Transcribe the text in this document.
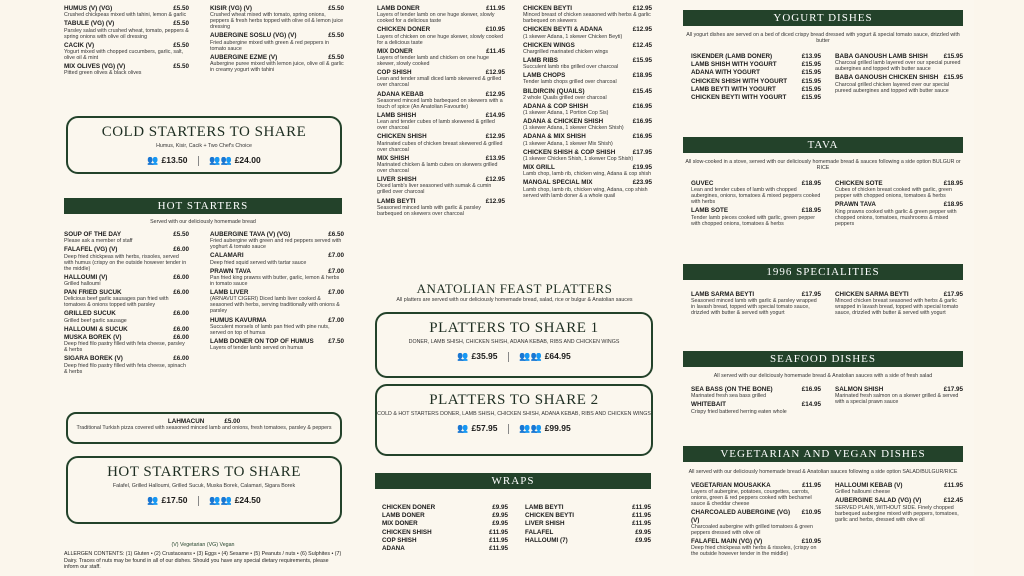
HUMUS (V) (VG)	£5.50
Crushed chickpeas mixed with tahini, lemon & garlic
TABULE (VG) (V)	£5.50
Parsley salad with crushed wheat, tomato, peppers & spring onions with olive oil dressing
CACIK (V)	£5.50
Yogurt mixed with chopped cucumbers, garlic, salt, olive oil & mint
MIX OLIVES (VG) (V)	£5.50
Pitted green olives & black olives
KISIR (VG) (V)	£5.50
Crushed wheat mixed with tomato, spring onions, peppers & fresh herbs topped with olive oil & lemon juice dressing
AUBERGINE SOSLU (VG) (V)	£5.50
Fried aubergine mixed with green & red peppers in tomato sauce
AUBERGINE EZME (V)	£5.50
Aubergine puree mixed with lemon juice, olive oil & garlic in creamy yogurt with tahini
COLD STARTERS TO SHARE
Humus, Kisir, Cacik + Two Chef's Choice
👥 £13.50 👥👥 £24.00
HOT STARTERS
Served with our deliciously homemade bread
SOUP OF THE DAY	£5.50
Please ask a member of staff
FALAFEL (VG) (V)	£6.00
Deep fried chickpeas with herbs, rissoles, served with humus (crispy on the outside however tender in the middle)
HALLOUMI (V)	£6.00
Grilled halloumi
PAN FRIED SUCUK	£6.00
Delicious beef garlic sausages pan fried with tomatoes & onions topped with parsley
GRILLED SUCUK	£6.00
Grilled beef garlic sausage
HALLOUMI & SUCUK	£6.00
MUSKA BOREK (V)	£6.00
Deep fried filo pastry filled with feta cheese, parsley & herbs
SIGARA BOREK (V)	£6.00
Deep fried filo pastry filled with feta cheese, spinach & herbs
AUBERGINE TAVA (V) (VG)	£6.50
Fried aubergine with green and red peppers served with yoghurt & tomato sauce
CALAMARI	£7.00
Deep fried squid served with tartar sauce
PRAWN TAVA	£7.00
Pan fried king prawns with butter, garlic, lemon & herbs in tomato sauce
LAMB LIVER	£7.00
(ARNAVUT CIGERI) Diced lamb liver cooked & seasoned with herbs, serving traditionally with onions & parsley
HUMUS KAVURMA	£7.00
Succulent morsels of lamb pan fried with pine nuts, served on top of humus
LAMB DONER ON TOP OF HUMUS £7.50
Layers of tender lamb served on humus
LAHMACUN	£5.00
Traditional Turkish pizza covered with seasoned minced lamb and onions, fresh tomatoes, parsley & peppers
HOT STARTERS TO SHARE
Falafel, Grilled Halloumi, Grilled Sucuk, Muska Borek, Calamari, Sigara Borek
👥 £17.50 👥👥 £24.50
(V) Vegetarian (VG) Vegan
ALLERGEN CONTENTS: (1) Gluten • (2) Crustaceans • (3) Eggs • (4) Sesame • (5) Peanuts / nuts • (6) Sulphites • (7) Dairy. Traces of nuts may be found in all of our dishes. Should you have any special dietary requirements, please inform our staff.
LAMB DONER	£11.95
Layers of tender lamb on one huge skewer, slowly cooked for a delicious taste
CHICKEN DONER	£10.95
Layers of chicken on one huge skewer, slowly cooked for a delicious taste
MIX DONER	£11.45
Layers of tender lamb and chicken on one huge skewer, slowly cooked
COP SHISH	£12.95
Lean and tender small diced lamb skewered & grilled over charcoal
ADANA KEBAB	£12.95
Seasoned minced lamb barbequed on skewers with a touch of spice (An Anatolian Favourite)
LAMB SHISH	£14.95
Lean and tender cubes of lamb skewered & grilled over charcoal
CHICKEN SHISH	£12.95
Marinated cubes of chicken breast skewered & grilled over charcoal
MIX SHISH	£13.95
Marinated chicken & lamb cubes on skewers grilled over charcoal
LIVER SHISH	£12.95
Diced lamb's liver seasoned with sumak & cumin grilled over charcoal
LAMB BEYTI	£12.95
Seasoned minced lamb with garlic & parsley barbequed on skewers over charcoal
CHICKEN BEYTI	£12.95
Minced breast of chicken seasoned with herbs & garlic barbequed on skewers
CHICKEN BEYTI & ADANA	£12.95
(1 skewer Adana, 1 skewer Chicken Beyti)
CHICKEN WINGS	£12.45
Chargrilled marinated chicken wings
LAMB RIBS	£15.95
Succulent lamb ribs grilled over charcoal
LAMB CHOPS	£18.95
Tender lamb chops grilled over charcoal
BILDIRCIN (QUAILS)	£15.45
2 whole Quails grilled over charcoal
ADANA & COP SHISH	£16.95
(1 skewer Adana, 1 Portion Cop Sis)
ADANA & CHICKEN SHISH	£16.95
(1 skewer Adana, 1 skewer Chicken Shish)
ADANA & MIX SHISH	£16.95
(1 skewer Adana, 1 skewer Mix Shish)
CHICKEN SHISH & COP SHISH	£17.95
(1 skewer Chicken Shish, 1 skewer Cop Shish)
MIX GRILL	£19.95
Lamb chop, lamb rib, chicken wing, Adana & cop shish
MANGAL SPECIAL MIX	£23.95
Lamb chop, lamb rib, chicken wing, Adana, cop shish served with lamb doner & a whole quail
ANATOLIAN FEAST PLATTERS
All platters are served with our deliciously homemade bread, salad, rice or bulgur & Anatolian sauces
PLATTERS TO SHARE 1
DONER, LAMB SHISH, CHICKEN SHISH, ADANA KEBAB, RIBS AND CHICKEN WINGS
👥 £35.95 👥👥 £64.95
PLATTERS TO SHARE 2
COLD & HOT STARTERS DONER, LAMB SHISH, CHICKEN SHISH, ADANA KEBAB, RIBS AND CHICKEN WINGS
👥 £57.95 👥👥 £99.95
WRAPS
CHICKEN DONER	£9.95
LAMB DONER	£9.95
MIX DONER	£9.95
CHICKEN SHISH	£11.95
COP SHISH	£11.95
ADANA	£11.95
LAMB BEYTI	£11.95
CHICKEN BEYTI	£11.95
LIVER SHISH	£11.95
FALAFEL	£9.95
HALLOUMI (7)	£9.95
YOGURT DISHES
All yogurt dishes are served on a bed of diced crispy bread dressed with yogurt & special tomato sauce, drizzled with butter
ISKENDER (LAMB DONER)	£13.95
LAMB SHISH WITH YOGURT	£15.95
ADANA WITH YOGURT	£15.95
CHICKEN SHISH WITH YOGURT £15.95
LAMB BEYTI WITH YOGURT	£15.95
CHICKEN BEYTI WITH YOGURT £15.95
BABA GANOUSH LAMB SHISH	£15.95
Charcoal grilled lamb layered over our special pureed aubergines and topped with butter sauce
BABA GANOUSH CHICKEN SHISH £15.95
Charcoal grilled chicken layered over our special pureed aubergines and topped with butter sauce
TAVA
All slow-cooked in a stove, served with our deliciously homemade bread & sauces following a side option BULGUR or RICE
GUVEC	£18.95
Lean and tender cubes of lamb with chopped aubergines, onions, tomatoes & mixed peppers cooked with herbs
LAMB SOTE	£18.95
Tender lamb pieces cooked with garlic, green pepper with chopped onions, tomatoes & herbs
CHICKEN SOTE	£18.95
Cubes of chicken breast cooked with garlic, green pepper with chopped onions, tomatoes & herbs
PRAWN TAVA	£18.95
King prawns cooked with garlic & green pepper with chopped onions, tomatoes, mushrooms & mixed peppers
1996 SPECIALITIES
LAMB SARMA BEYTI	£17.95
Seasoned minced lamb with garlic & parsley wrapped in lavash bread, topped with special tomato sauce, drizzled with butter & served with yogurt
CHICKEN SARMA BEYTI	£17.95
Minced chicken breast seasoned with herbs & garlic wrapped in lavash bread, topped with special tomato sauce, drizzled with butter & served with yogurt
SEAFOOD DISHES
All served with our deliciously homemade bread & Anatolian sauces with a side of fresh salad
SEA BASS (ON THE BONE)	£16.95
Marinated fresh sea bass grilled
WHITEBAIT	£14.95
Crispy fried battered herring eaten whole
SALMON SHISH	£17.95
Marinated fresh salmon on a skewer grilled & served with a special prawn sauce
VEGETARIAN AND VEGAN DISHES
All served with our deliciously homemade bread & Anatolian sauces following a side option SALAD/BULGUR/RICE
VEGETARIAN MOUSAKKA	£11.95
Layers of aubergine, potatoes, courgettes, carrots, onions, green & red peppers cooked with bechamel sauce & cheddar cheese
CHARCOALED AUBERGINE (VG) (V)
£10.95
Charcoaled aubergine with grilled tomatoes & green peppers dressed with olive oil
FALAFEL MAIN (VG) (V)	£10.95
Deep fried chickpeas with herbs & rissoles, (crispy on the outside however tender in the middle)
HALLOUMI KEBAB (V)	£11.95
Grilled halloumi cheese
AUBERGINE SALAD (VG) (V)	£12.45
SERVED PLAIN, WITHOUT SIDE. Finely chopped barbequed aubergine mixed with peppers, tomatoes, garlic and herbs, dressed with olive oil
